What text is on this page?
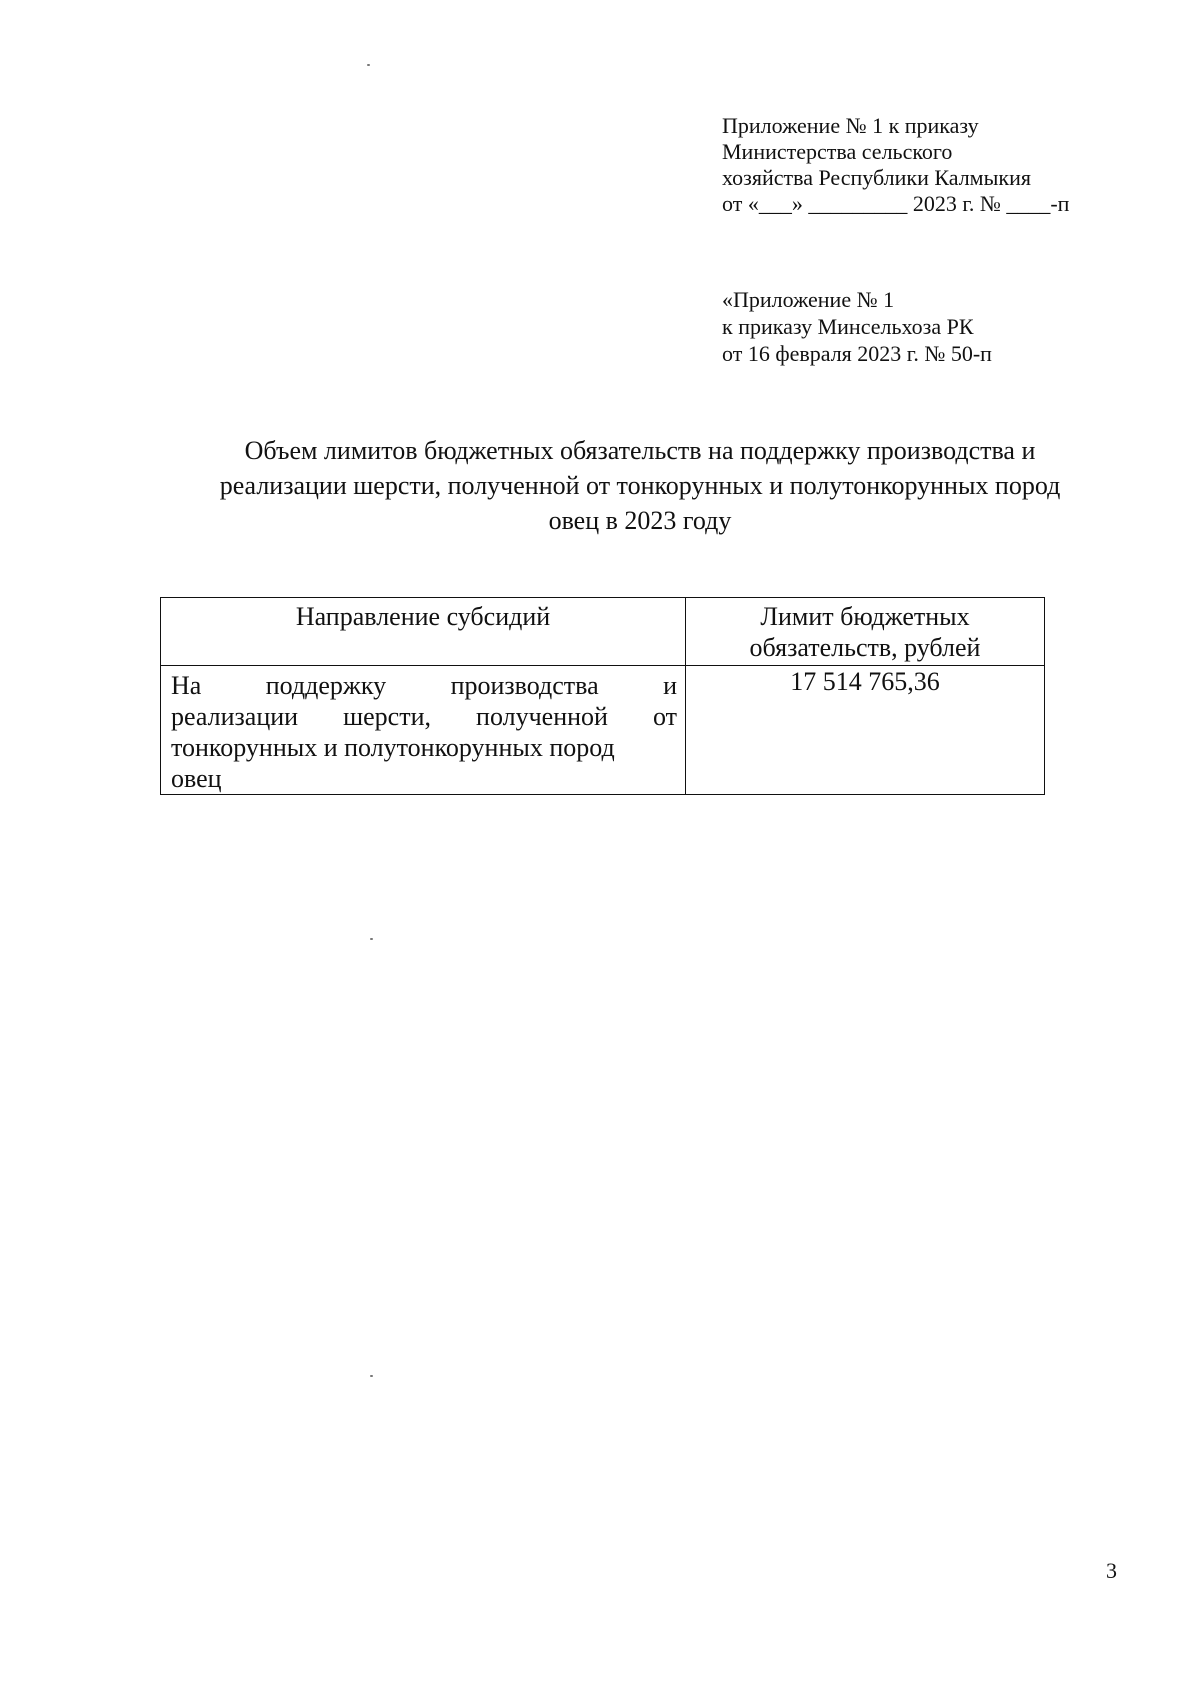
Приложение № 1 к приказу
Министерства сельского
хозяйства Республики Калмыкия
от «___» _________ 2023 г. № ____-п
«Приложение № 1
к приказу Минсельхоза РК
от 16 февраля 2023 г. № 50-п
Объем лимитов бюджетных обязательств на поддержку производства и
реализации шерсти, полученной от тонкорунных и полутонкорунных пород
овец в 2023 году
Направление субсидий	Лимит бюджетных
обязательств, рублей

На поддержку производства и
реализации шерсти, полученной от
тонкорунных и полутонкорунных пород
овец	17 514 765,36
3
